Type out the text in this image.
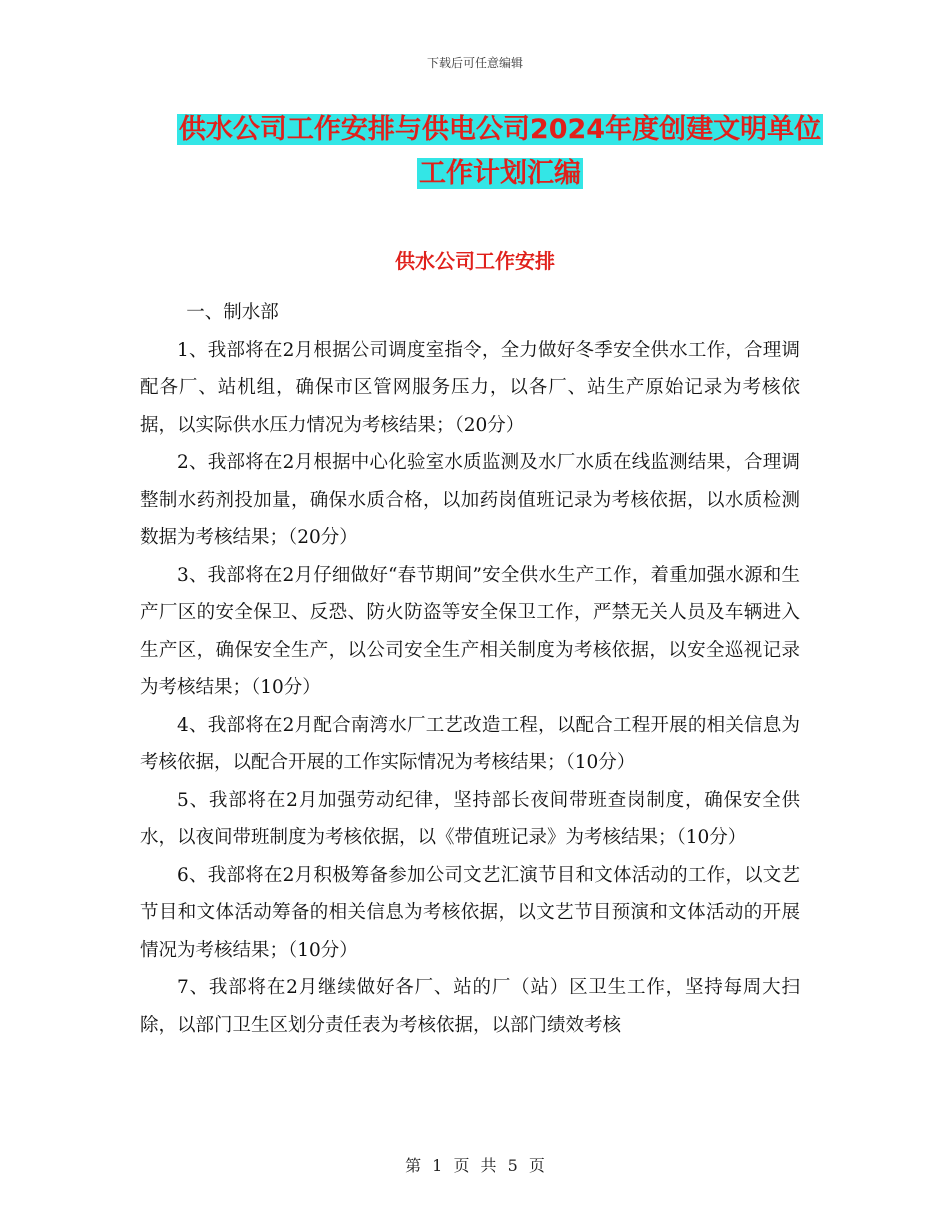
下载后可任意编辑
供水公司工作安排与供电公司2024年度创建文明单位
工作计划汇编
供水公司工作安排

一、制水部

1、我部将在2月根据公司调度室指令，全力做好冬季安全供水工作，合理调配各厂、站机组，确保市区管网服务压力，以各厂、站生产原始记录为考核依据，以实际供水压力情况为考核结果；（20分）

2、我部将在2月根据中心化验室水质监测及水厂水质在线监测结果，合理调整制水药剂投加量，确保水质合格，以加药岗值班记录为考核依据，以水质检测数据为考核结果；（20分）

3、我部将在2月仔细做好“春节期间”安全供水生产工作，着重加强水源和生产厂区的安全保卫、反恐、防火防盗等安全保卫工作，严禁无关人员及车辆进入生产区，确保安全生产，以公司安全生产相关制度为考核依据，以安全巡视记录为考核结果；（10分）

4、我部将在2月配合南湾水厂工艺改造工程，以配合工程开展的相关信息为考核依据，以配合开展的工作实际情况为考核结果；（10分）

5、我部将在2月加强劳动纪律，坚持部长夜间带班查岗制度，确保安全供水，以夜间带班制度为考核依据，以《带值班记录》为考核结果；（10分）

6、我部将在2月积极筹备参加公司文艺汇演节目和文体活动的工作，以文艺节目和文体活动筹备的相关信息为考核依据，以文艺节目预演和文体活动的开展情况为考核结果；（10分）

7、我部将在2月继续做好各厂、站的厂（站）区卫生工作，坚持每周大扫除，以部门卫生区划分责任表为考核依据，以部门绩效考核

第 1 页 共 5 页
